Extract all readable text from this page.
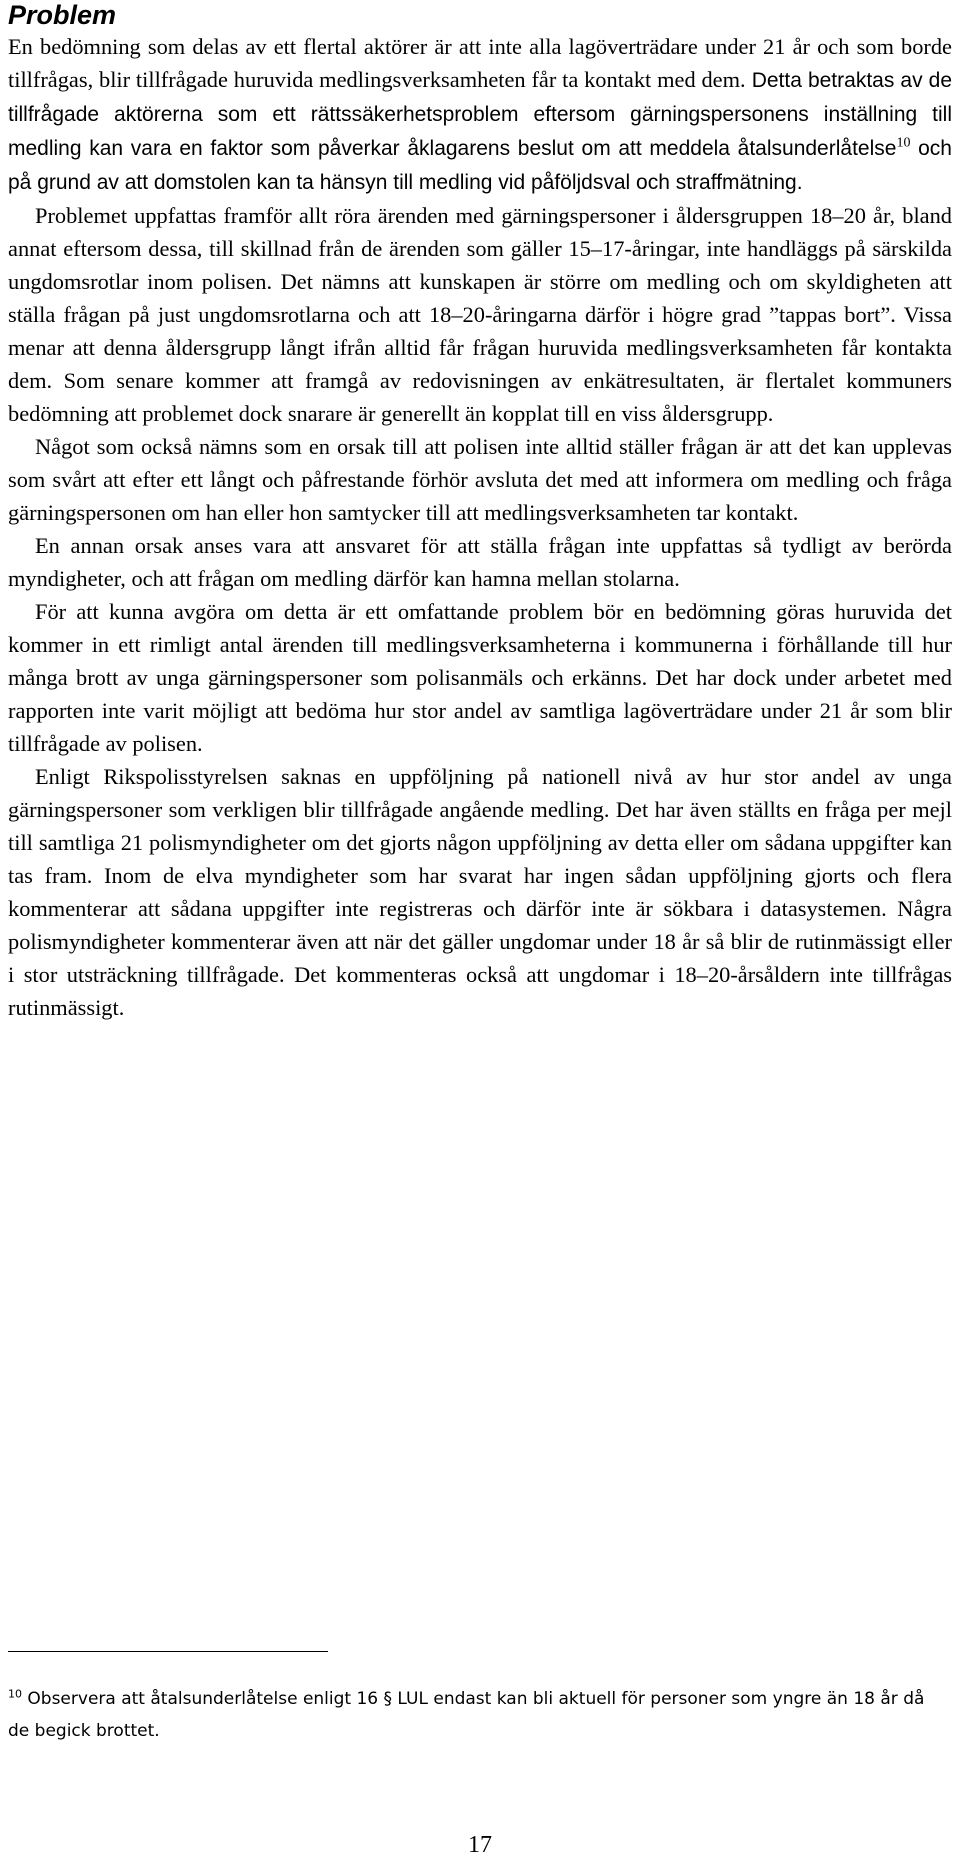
Problem

En bedömning som delas av ett flertal aktörer är att inte alla lagöverträdare under 21 år och som borde tillfrågas, blir tillfrågade huruvida medlingsverksamheten får ta kontakt med dem. Detta betraktas av de tillfrågade aktörerna som ett rättssäkerhetsproblem eftersom gärningspersonens inställning till medling kan vara en faktor som påverkar åklagarens beslut om att meddela åtalsunderlåtelse$^{10}$ och på grund av att domstolen kan ta hänsyn till medling vid påföljdsval och straffmätning.

Problemet uppfattas framför allt röra ärenden med gärningspersoner i åldersgruppen 18–20 år, bland annat eftersom dessa, till skillnad från de ärenden som gäller 15–17-åringar, inte handläggs på särskilda ungdomsrotlar inom polisen. Det nämns att kunskapen är större om medling och om skyldigheten att ställa frågan på just ungdomsrotlarna och att 18–20-åringarna därför i högre grad ”tappas bort”. Vissa menar att denna åldersgrupp långt ifrån alltid får frågan huruvida medlingsverksamheten får kontakta dem. Som senare kommer att framgå av redovisningen av enkätresultaten, är flertalet kommuners bedömning att problemet dock snarare är generellt än kopplat till en viss åldersgrupp.

Något som också nämns som en orsak till att polisen inte alltid ställer frågan är att det kan upplevas som svårt att efter ett långt och påfrestande förhör avsluta det med att informera om medling och fråga gärningspersonen om han eller hon samtycker till att medlingsverksamheten tar kontakt.

En annan orsak anses vara att ansvaret för att ställa frågan inte uppfattas så tydligt av berörda myndigheter, och att frågan om medling därför kan hamna mellan stolarna.

För att kunna avgöra om detta är ett omfattande problem bör en bedömning göras huruvida det kommer in ett rimligt antal ärenden till medlingsverksamheterna i kommunerna i förhållande till hur många brott av unga gärningspersoner som polisanmäls och erkänns. Det har dock under arbetet med rapporten inte varit möjligt att bedöma hur stor andel av samtliga lagöverträdare under 21 år som blir tillfrågade av polisen.

Enligt Rikspolisstyrelsen saknas en uppföljning på nationell nivå av hur stor andel av unga gärningspersoner som verkligen blir tillfrågade angående medling. Det har även ställts en fråga per mejl till samtliga 21 polismyndigheter om det gjorts någon uppföljning av detta eller om sådana uppgifter kan tas fram. Inom de elva myndigheter som har svarat har ingen sådan uppföljning gjorts och flera kommenterar att sådana uppgifter inte registreras och därför inte är sökbara i datasystemen. Några polismyndigheter kommenterar även att när det gäller ungdomar under 18 år så blir de rutinmässigt eller i stor utsträckning tillfrågade. Det kommenteras också att ungdomar i 18–20-årsåldern inte tillfrågas rutinmässigt.

$^{10}$ Observera att åtalsunderlåtelse enligt 16 § LUL endast kan bli aktuell för personer som yngre än 18 år då de begick brottet.

17
